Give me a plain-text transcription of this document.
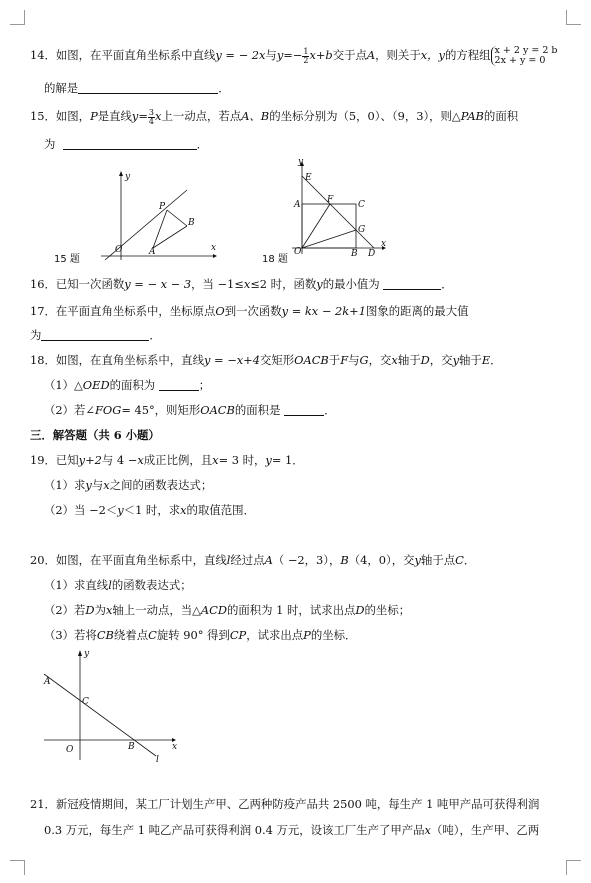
14．如图，在平面直角坐标系中直线y = − 2x与$y=- \frac{1}{2} x+b$交于点A，则关于x，y的方程组 x + 2 y = 2 b
2x + y = 0
的解是	．
15．如图，P是直线$y= \frac{3}{4}$ x上一动点，若点A、B的坐标分别为（5，0）、（9，3），则△PAB的面积
为	．
y
x
O	A
B
P
15 题
y
x
O
E
A	F	C
G
B D
18 题
16．已知一次函数y = − x − 3，当 −1≤x≤2 时，函数y的最小值为	．
17．在平面直角坐标系中，坐标原点O到一次函数y = kx − 2k+1图象的距离的最大值
为	．
18．如图，在直角坐标系中，直线y = −x+4交矩形OACB于F与G，交x轴于D，交y轴于E．
（1）△OED的面积为	；
（2）若∠FOG= 45°，则矩形OACB的面积是	．
三．解答题（共 6 小题）
19．已知y+2与 4 −x成正比例，且x= 3 时，y= 1．
（1）求y与x之间的函数表达式；
（2）当 −2＜y＜1 时，求x的取值范围．
20．如图，在平面直角坐标系中，直线l经过点A（ −2，3），B（4，0），交y轴于点C．
（1）求直线l的函数表达式；
（2）若D为x轴上一动点，当△ACD的面积为 1 时，试求出点D的坐标；
（3）若将CB绕着点C旋转 90° 得到CP，试求出点P的坐标．
y
x
O
A
C
B
l
21．新冠疫情期间，某工厂计划生产甲、乙两种防疫产品共 2500 吨，每生产 1 吨甲产品可获得利润
0.3 万元，每生产 1 吨乙产品可获得利润 0.4 万元，设该工厂生产了甲产品x（吨），生产甲、乙两
